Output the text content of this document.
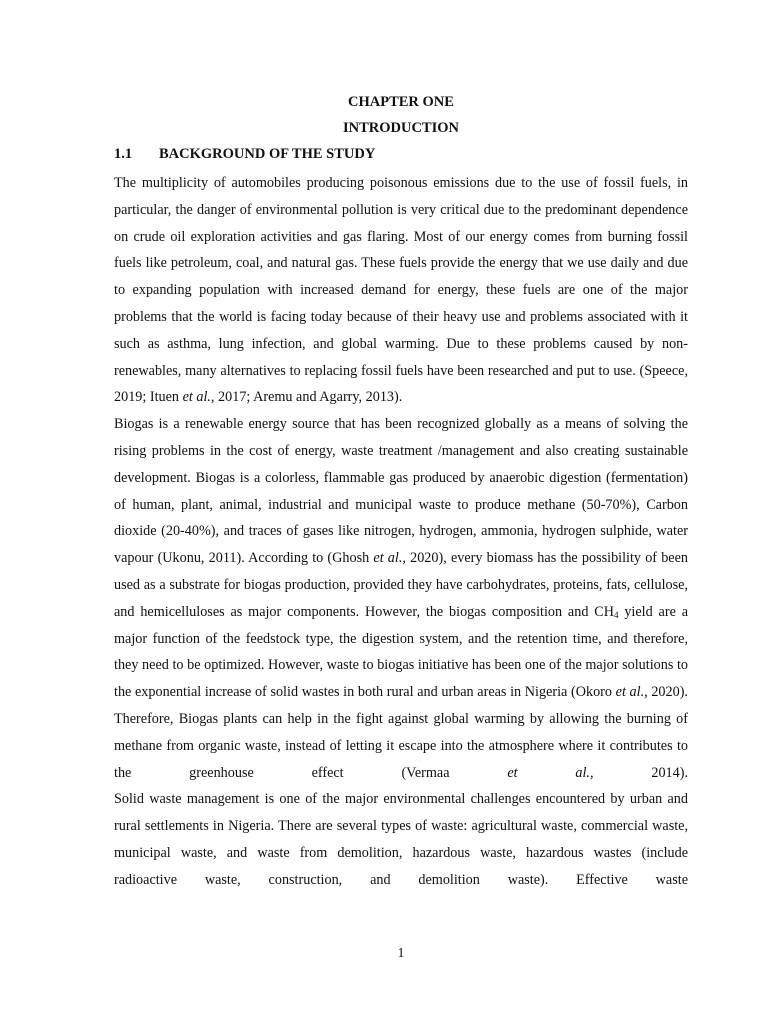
CHAPTER ONE
INTRODUCTION
1.1 BACKGROUND OF THE STUDY

The multiplicity of automobiles producing poisonous emissions due to the use of fossil fuels, in particular, the danger of environmental pollution is very critical due to the predominant dependence on crude oil exploration activities and gas flaring. Most of our energy comes from burning fossil fuels like petroleum, coal, and natural gas. These fuels provide the energy that we use daily and due to expanding population with increased demand for energy, these fuels are one of the major problems that the world is facing today because of their heavy use and problems associated with it such as asthma, lung infection, and global warming. Due to these problems caused by non-renewables, many alternatives to replacing fossil fuels have been researched and put to use. (Speece, 2019; Ituen et al., 2017; Aremu and Agarry, 2013).

Biogas is a renewable energy source that has been recognized globally as a means of solving the rising problems in the cost of energy, waste treatment /management and also creating sustainable development. Biogas is a colorless, flammable gas produced by anaerobic digestion (fermentation) of human, plant, animal, industrial and municipal waste to produce methane (50-70%), Carbon dioxide (20-40%), and traces of gases like nitrogen, hydrogen, ammonia, hydrogen sulphide, water vapour (Ukonu, 2011). According to (Ghosh et al., 2020), every biomass has the possibility of been used as a substrate for biogas production, provided they have carbohydrates, proteins, fats, cellulose, and hemicelluloses as major components. However, the biogas composition and $CH_4$ yield are a major function of the feedstock type, the digestion system, and the retention time, and therefore, they need to be optimized. However, waste to biogas initiative has been one of the major solutions to the exponential increase of solid wastes in both rural and urban areas in Nigeria (Okoro et al., 2020). Therefore, Biogas plants can help in the fight against global warming by allowing the burning of methane from organic waste, instead of letting it escape into the atmosphere where it contributes to the greenhouse effect (Vermaa et al., 2014).

Solid waste management is one of the major environmental challenges encountered by urban and rural settlements in Nigeria. There are several types of waste: agricultural waste, commercial waste, municipal waste, and waste from demolition, hazardous waste, hazardous wastes (include radioactive waste, construction, and demolition waste). Effective waste

1
